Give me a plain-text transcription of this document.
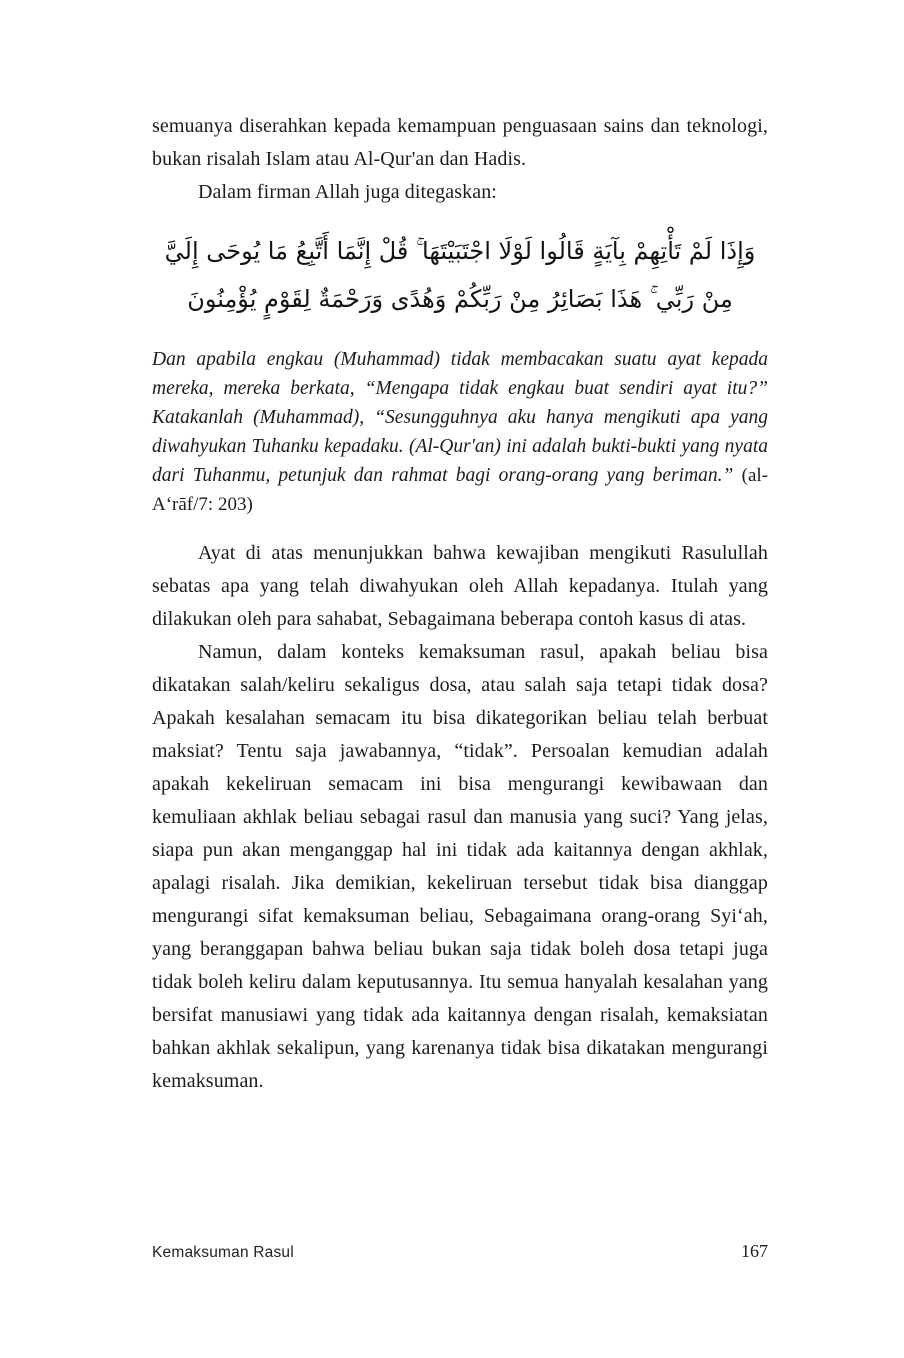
semuanya diserahkan kepada kemampuan penguasaan sains dan teknologi, bukan risalah Islam atau Al-Qur'an dan Hadis.

Dalam firman Allah juga ditegaskan:

وَإِذَا لَمْ تَأْتِهِمْ بِآيَةٍ قَالُوا لَوْلَا اجْتَبَيْتَهَا ۚ قُلْ إِنَّمَا أَتَّبِعُ مَا يُوحَى إِلَيَّ مِنْ رَبِّي ۚ هَذَا بَصَائِرُ مِنْ رَبِّكُمْ وَهُدًى وَرَحْمَةٌ لِقَوْمٍ يُؤْمِنُونَ

Dan apabila engkau (Muhammad) tidak membacakan suatu ayat kepada mereka, mereka berkata, “Mengapa tidak engkau buat sendiri ayat itu?” Katakanlah (Muhammad), “Sesungguhnya aku hanya mengikuti apa yang diwahyukan Tuhanku kepadaku. (Al-Qur'an) ini adalah bukti-bukti yang nyata dari Tuhanmu, petunjuk dan rahmat bagi orang-orang yang beriman.” (al-A‘rāf/7: 203)

Ayat di atas menunjukkan bahwa kewajiban mengikuti Rasulullah sebatas apa yang telah diwahyukan oleh Allah kepadanya. Itulah yang dilakukan oleh para sahabat, Sebagaimana beberapa contoh kasus di atas.

Namun, dalam konteks kemaksuman rasul, apakah beliau bisa dikatakan salah/keliru sekaligus dosa, atau salah saja tetapi tidak dosa? Apakah kesalahan semacam itu bisa dikategorikan beliau telah berbuat maksiat? Tentu saja jawabannya, “tidak”. Persoalan kemudian adalah apakah kekeliruan semacam ini bisa mengurangi kewibawaan dan kemuliaan akhlak beliau sebagai rasul dan manusia yang suci? Yang jelas, siapa pun akan menganggap hal ini tidak ada kaitannya dengan akhlak, apalagi risalah. Jika demikian, kekeliruan tersebut tidak bisa dianggap mengurangi sifat kemaksuman beliau, Sebagaimana orang-orang Syi‘ah, yang beranggapan bahwa beliau bukan saja tidak boleh dosa tetapi juga tidak boleh keliru dalam keputusannya. Itu semua hanyalah kesalahan yang bersifat manusiawi yang tidak ada kaitannya dengan risalah, kemaksiatan bahkan akhlak sekalipun, yang karenanya tidak bisa dikatakan mengurangi kemaksuman.

Kemaksuman Rasul	167
